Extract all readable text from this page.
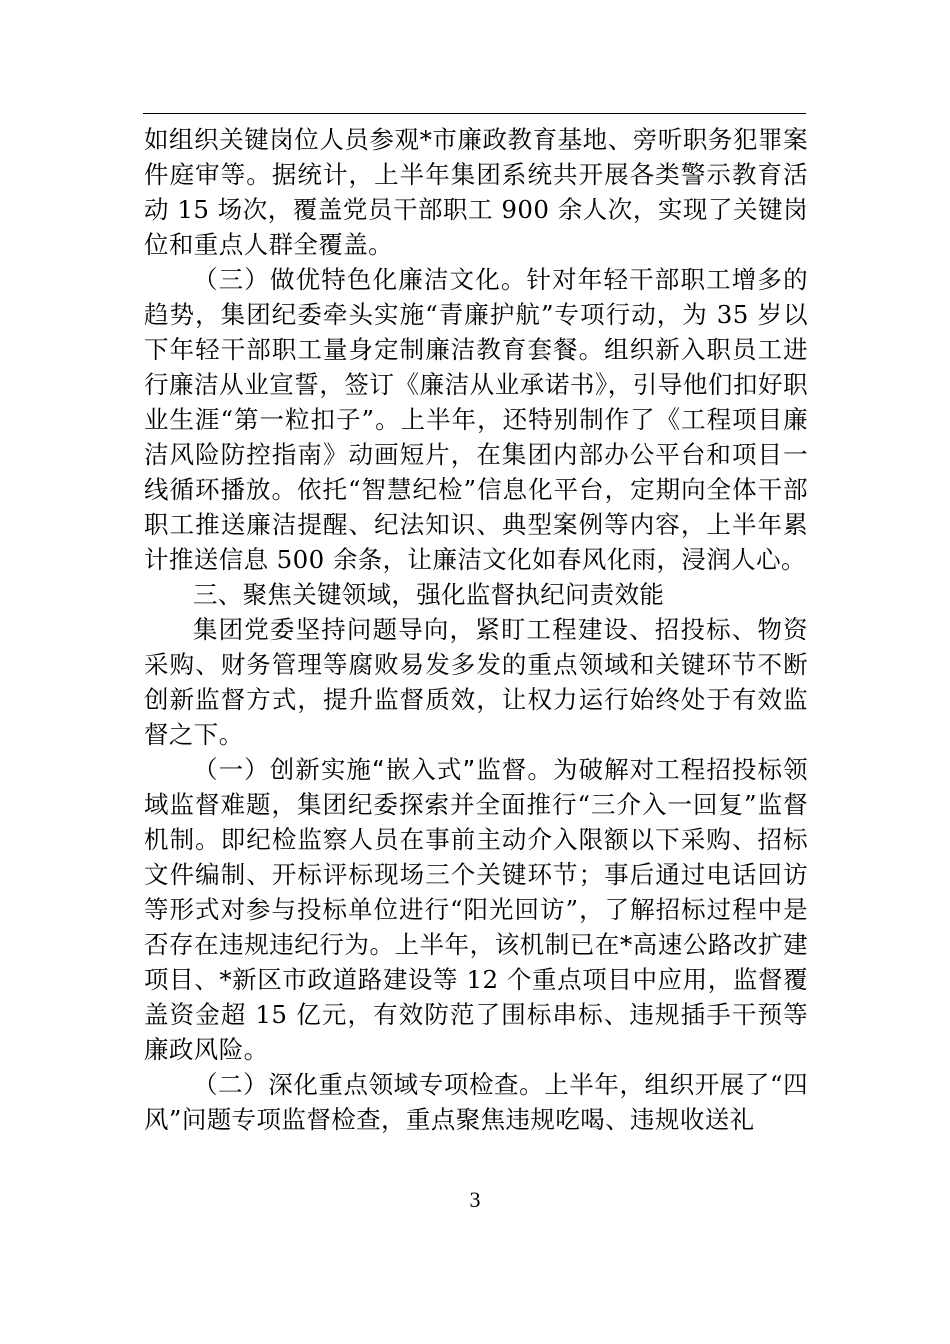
如组织关键岗位人员参观*市廉政教育基地、旁听职务犯罪案件庭审等。据统计，上半年集团系统共开展各类警示教育活动 15 场次，覆盖党员干部职工 900 余人次，实现了关键岗位和重点人群全覆盖。

（三）做优特色化廉洁文化。针对年轻干部职工增多的趋势，集团纪委牵头实施“青廉护航”专项行动，为 35 岁以下年轻干部职工量身定制廉洁教育套餐。组织新入职员工进行廉洁从业宣誓，签订《廉洁从业承诺书》，引导他们扣好职业生涯“第一粒扣子”。上半年，还特别制作了《工程项目廉洁风险防控指南》动画短片，在集团内部办公平台和项目一线循环播放。依托“智慧纪检”信息化平台，定期向全体干部职工推送廉洁提醒、纪法知识、典型案例等内容，上半年累计推送信息 500 余条，让廉洁文化如春风化雨，浸润人心。

三、聚焦关键领域，强化监督执纪问责效能

集团党委坚持问题导向，紧盯工程建设、招投标、物资采购、财务管理等腐败易发多发的重点领域和关键环节不断创新监督方式，提升监督质效，让权力运行始终处于有效监督之下。

（一）创新实施“嵌入式”监督。为破解对工程招投标领域监督难题，集团纪委探索并全面推行“三介入一回复”监督机制。即纪检监察人员在事前主动介入限额以下采购、招标文件编制、开标评标现场三个关键环节；事后通过电话回访等形式对参与投标单位进行“阳光回访”，了解招标过程中是否存在违规违纪行为。上半年，该机制已在*高速公路改扩建项目、*新区市政道路建设等 12 个重点项目中应用，监督覆盖资金超 15 亿元，有效防范了围标串标、违规插手干预等廉政风险。

（二）深化重点领域专项检查。上半年，组织开展了“四风”问题专项监督检查，重点聚焦违规吃喝、违规收送礼

3
